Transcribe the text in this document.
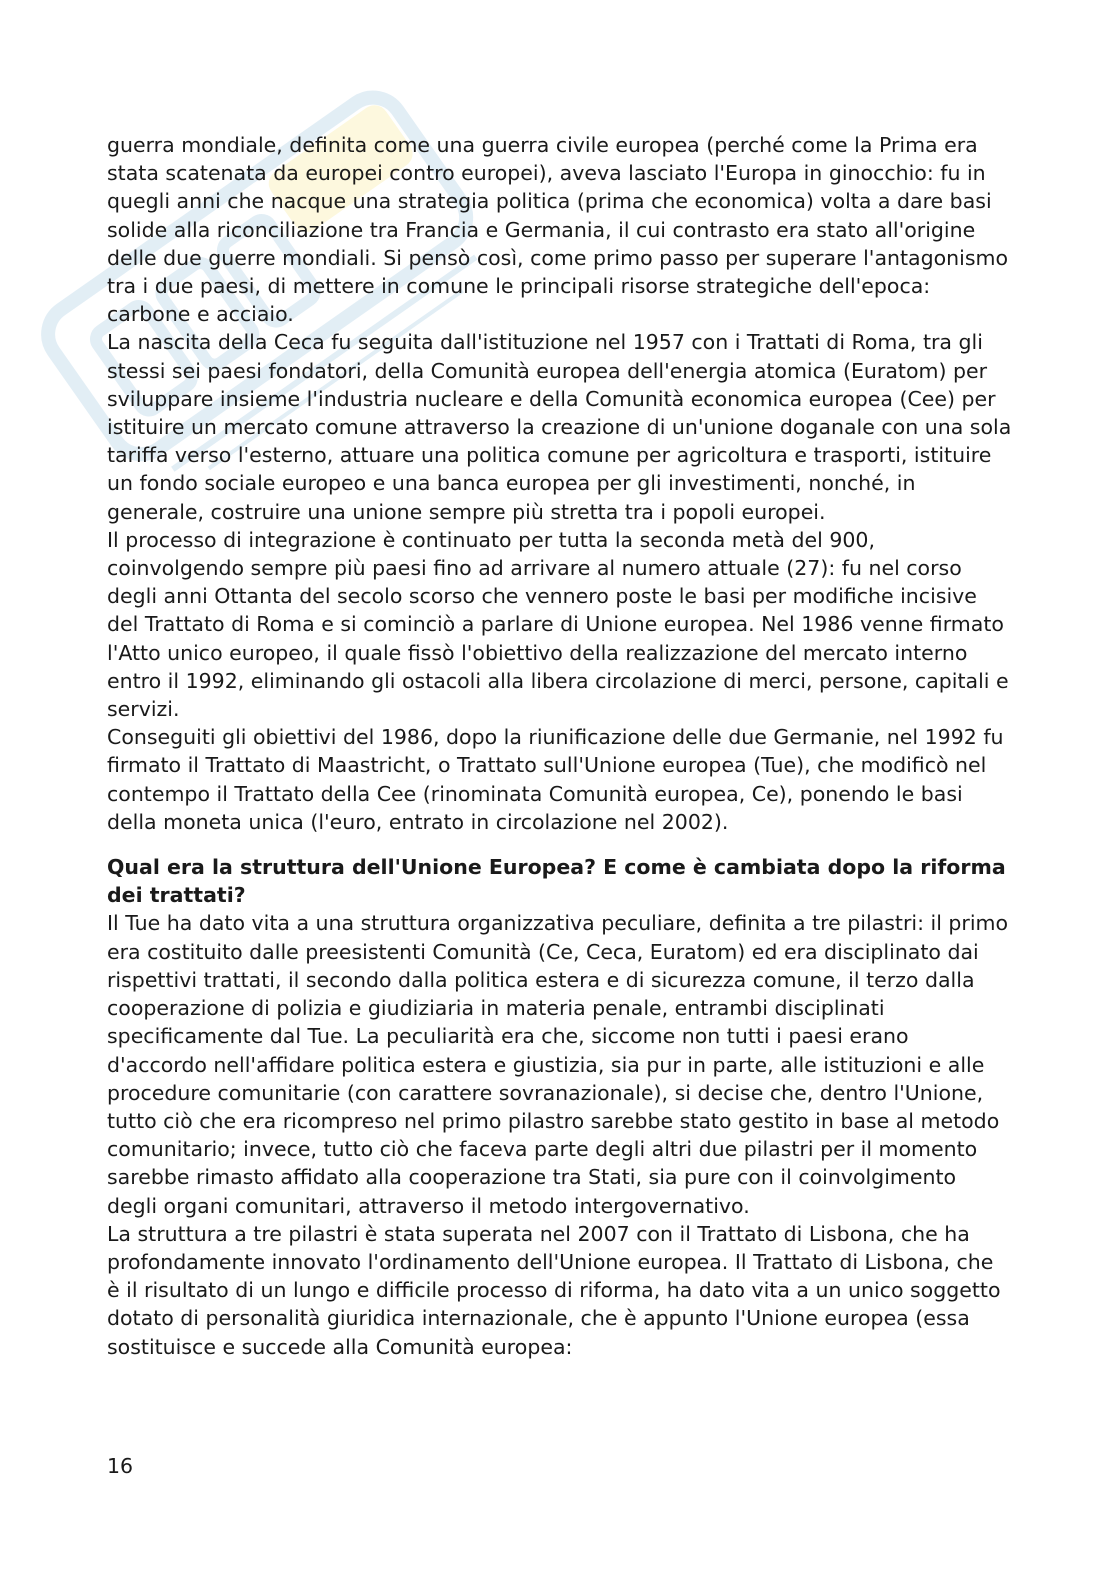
guerra mondiale, definita come una guerra civile europea (perché come la Prima era stata scatenata da europei contro europei), aveva lasciato l'Europa in ginocchio: fu in quegli anni che nacque una strategia politica (prima che economica) volta a dare basi solide alla riconciliazione tra Francia e Germania, il cui contrasto era stato all'origine delle due guerre mondiali. Si pensò così, come primo passo per superare l'antagonismo tra i due paesi, di mettere in comune le principali risorse strategiche dell'epoca: carbone e acciaio.

La nascita della Ceca fu seguita dall'istituzione nel 1957 con i Trattati di Roma, tra gli stessi sei paesi fondatori, della Comunità europea dell'energia atomica (Euratom) per sviluppare insieme l'industria nucleare e della Comunità economica europea (Cee) per istituire un mercato comune attraverso la creazione di un'unione doganale con una sola tariffa verso l'esterno, attuare una politica comune per agricoltura e trasporti, istituire un fondo sociale europeo e una banca europea per gli investimenti, nonché, in generale, costruire una unione sempre più stretta tra i popoli europei.

Il processo di integrazione è continuato per tutta la seconda metà del 900, coinvolgendo sempre più paesi fino ad arrivare al numero attuale (27): fu nel corso degli anni Ottanta del secolo scorso che vennero poste le basi per modifiche incisive del Trattato di Roma e si cominciò a parlare di Unione europea. Nel 1986 venne firmato l'Atto unico europeo, il quale fissò l'obiettivo della realizzazione del mercato interno entro il 1992, eliminando gli ostacoli alla libera circolazione di merci, persone, capitali e servizi.

Conseguiti gli obiettivi del 1986, dopo la riunificazione delle due Germanie, nel 1992 fu firmato il Trattato di Maastricht, o Trattato sull'Unione europea (Tue), che modificò nel contempo il Trattato della Cee (rinominata Comunità europea, Ce), ponendo le basi della moneta unica (l'euro, entrato in circolazione nel 2002).

Qual era la struttura dell'Unione Europea? E come è cambiata dopo la riforma dei trattati?

Il Tue ha dato vita a una struttura organizzativa peculiare, definita a tre pilastri: il primo era costituito dalle preesistenti Comunità (Ce, Ceca, Euratom) ed era disciplinato dai rispettivi trattati, il secondo dalla politica estera e di sicurezza comune, il terzo dalla cooperazione di polizia e giudiziaria in materia penale, entrambi disciplinati specificamente dal Tue. La peculiarità era che, siccome non tutti i paesi erano d'accordo nell'affidare politica estera e giustizia, sia pur in parte, alle istituzioni e alle procedure comunitarie (con carattere sovranazionale), si decise che, dentro l'Unione, tutto ciò che era ricompreso nel primo pilastro sarebbe stato gestito in base al metodo comunitario; invece, tutto ciò che faceva parte degli altri due pilastri per il momento sarebbe rimasto affidato alla cooperazione tra Stati, sia pure con il coinvolgimento degli organi comunitari, attraverso il metodo intergovernativo.

La struttura a tre pilastri è stata superata nel 2007 con il Trattato di Lisbona, che ha profondamente innovato l'ordinamento dell'Unione europea. Il Trattato di Lisbona, che è il risultato di un lungo e difficile processo di riforma, ha dato vita a un unico soggetto dotato di personalità giuridica internazionale, che è appunto l'Unione europea (essa sostituisce e succede alla Comunità europea:

16
